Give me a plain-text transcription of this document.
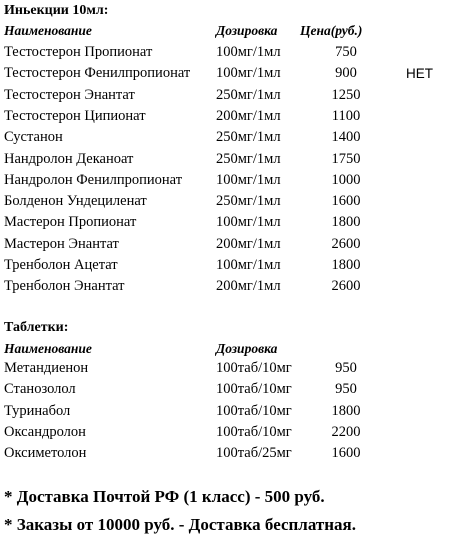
Иньекции 10мл:
Наименование	Дозировка Цена(руб.)
Тестостерон Пропионат	100мг/1мл	750
Тестостерон Фенилпропионат 100мг/1мл	900	НЕТ
Тестостерон Энантат	250мг/1мл	1250
Тестостерон Ципионат	200мг/1мл	1100
Сустанон	250мг/1мл	1400
Нандролон Деканоат	250мг/1мл	1750
Нандролон Фенилпропионат 100мг/1мл	1000
Болденон Ундециленат	250мг/1мл	1600
Мастерон Пропионат	100мг/1мл	1800
Мастерон Энантат	200мг/1мл	2600
Тренболон Ацетат	100мг/1мл	1800
Тренболон Энантат	200мг/1мл	2600
Таблетки:
Наименование	Дозировка
Метандиенон	100таб/10мг	950
Станозолол	100таб/10мг	950
Туринабол	100таб/10мг	1800
Оксандролон	100таб/10мг	2200
Оксиметолон	100таб/25мг	1600
* Доставка Почтой РФ (1 класс) - 500 руб.
* Заказы от 10000 руб. - Доставка бесплатная.
